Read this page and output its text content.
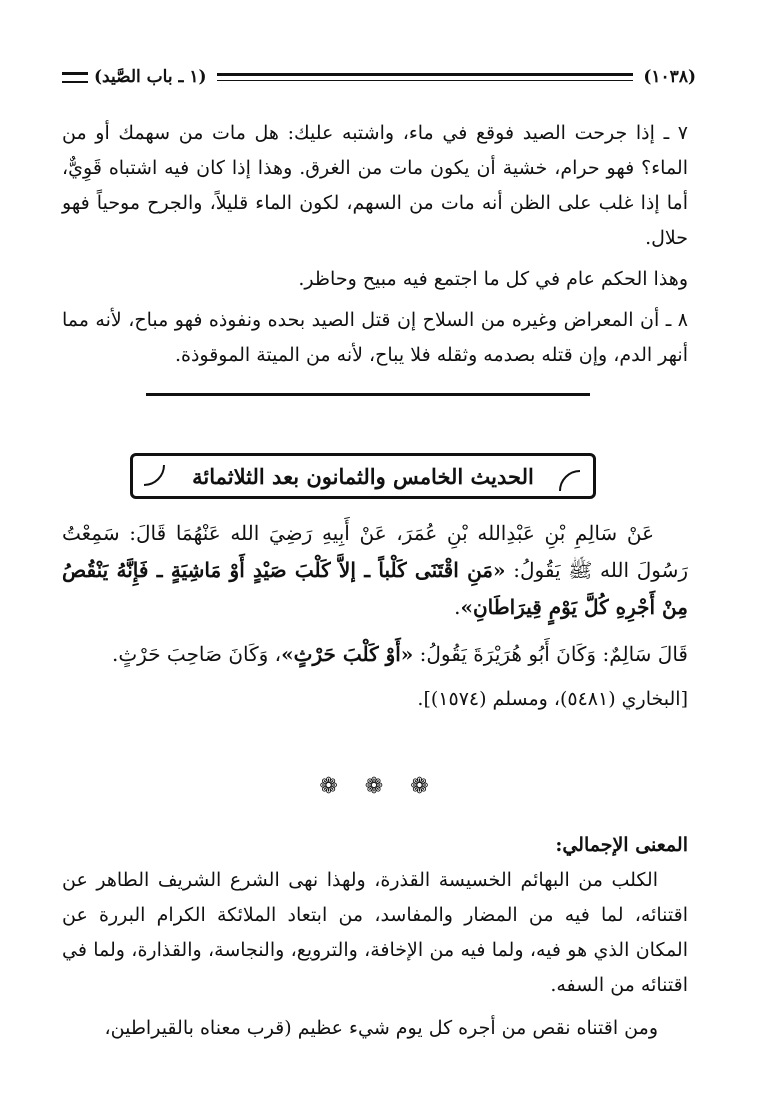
(١٠٣٨)
(١ ـ باب الصَّيد)

٧ ـ إذا جرحت الصيد فوقع في ماء، واشتبه عليك: هل مات من سهمك أو من الماء؟ فهو حرام، خشية أن يكون مات من الغرق. وهذا إذا كان فيه اشتباه قَوِيٌّ، أما إذا غلب على الظن أنه مات من السهم، لكون الماء قليلاً، والجرح موحياً فهو حلال.

وهذا الحكم عام في كل ما اجتمع فيه مبيح وحاظر.

٨ ـ أن المعراض وغيره من السلاح إن قتل الصيد بحده ونفوذه فهو مباح، لأنه مما أنهر الدم، وإن قتله بصدمه وثقله فلا يباح، لأنه من الميتة الموقوذة.

الحديث الخامس والثمانون بعد الثلاثمائة

عَنْ سَالِمِ بْنِ عَبْدِالله بْنِ عُمَرَ، عَنْ أَبِيهِ رَضِيَ الله عَنْهُمَا قَالَ: سَمِعْتُ رَسُولَ الله ﷺ يَقُولُ: «مَنِ اقْتَنَى كَلْباً ـ إلاَّ كَلْبَ صَيْدٍ أَوْ مَاشِيَةٍ ـ فَإِنَّهُ يَنْقُصُ مِنْ أَجْرِهِ كُلَّ يَوْمٍ قِيرَاطَانِ».

قَالَ سَالِمٌ: وَكَانَ أَبُو هُرَيْرَةَ يَقُولُ: «أَوْ كَلْبَ حَرْثٍ»، وَكَانَ صَاحِبَ حَرْثٍ.

[البخاري (٥٤٨١)، ومسلم (١٥٧٤)].

❁ ❁ ❁

المعنى الإجمالي:

الكلب من البهائم الخسيسة القذرة، ولهذا نهى الشرع الشريف الطاهر عن اقتنائه، لما فيه من المضار والمفاسد، من ابتعاد الملائكة الكرام البررة عن المكان الذي هو فيه، ولما فيه من الإخافة، والترويع، والنجاسة، والقذارة، ولما في اقتنائه من السفه.

ومن اقتناه نقص من أجره كل يوم شيء عظيم (قرب معناه بالقيراطين،
